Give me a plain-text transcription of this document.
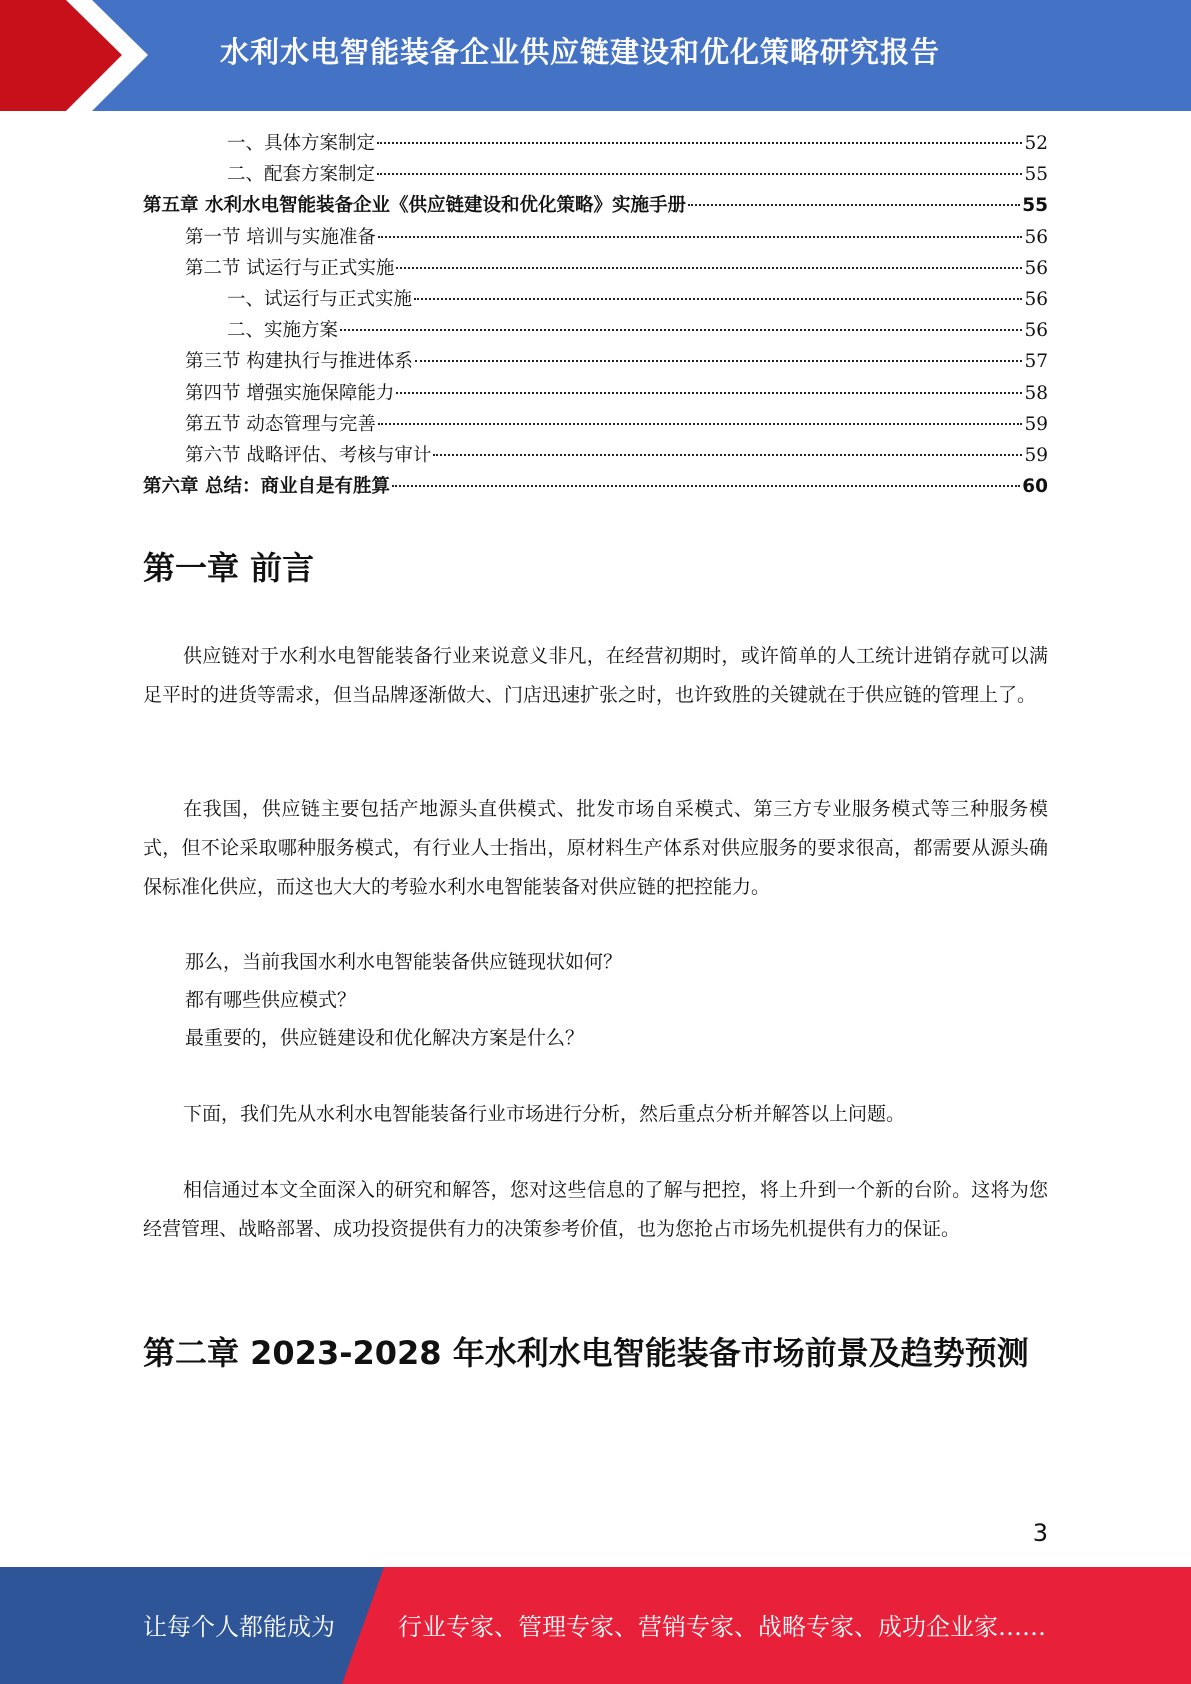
水利水电智能装备企业供应链建设和优化策略研究报告
一、具体方案制定	52
二、配套方案制定	55
第五章 水利水电智能装备企业《供应链建设和优化策略》实施手册	55
第一节 培训与实施准备	56
第二节 试运行与正式实施	56
一、试运行与正式实施	56
二、实施方案	56
第三节 构建执行与推进体系	57
第四节 增强实施保障能力	58
第五节 动态管理与完善	59
第六节 战略评估、考核与审计	59
第六章 总结：商业自是有胜算	60
第一章 前言

供应链对于水利水电智能装备行业来说意义非凡，在经营初期时，或许简单的人工统计进销存就可以满足平时的进货等需求，但当品牌逐渐做大、门店迅速扩张之时，也许致胜的关键就在于供应链的管理上了。

在我国，供应链主要包括产地源头直供模式、批发市场自采模式、第三方专业服务模式等三种服务模式，但不论采取哪种服务模式，有行业人士指出，原材料生产体系对供应服务的要求很高，都需要从源头确保标准化供应，而这也大大的考验水利水电智能装备对供应链的把控能力。

那么，当前我国水利水电智能装备供应链现状如何？

都有哪些供应模式？

最重要的，供应链建设和优化解决方案是什么？

下面，我们先从水利水电智能装备行业市场进行分析，然后重点分析并解答以上问题。

相信通过本文全面深入的研究和解答，您对这些信息的了解与把控，将上升到一个新的台阶。这将为您经营管理、战略部署、成功投资提供有力的决策参考价值，也为您抢占市场先机提供有力的保证。

第二章 2023-2028 年水利水电智能装备市场前景及趋势预测
3
让每个人都能成为	行业专家、管理专家、营销专家、战略专家、成功企业家……
